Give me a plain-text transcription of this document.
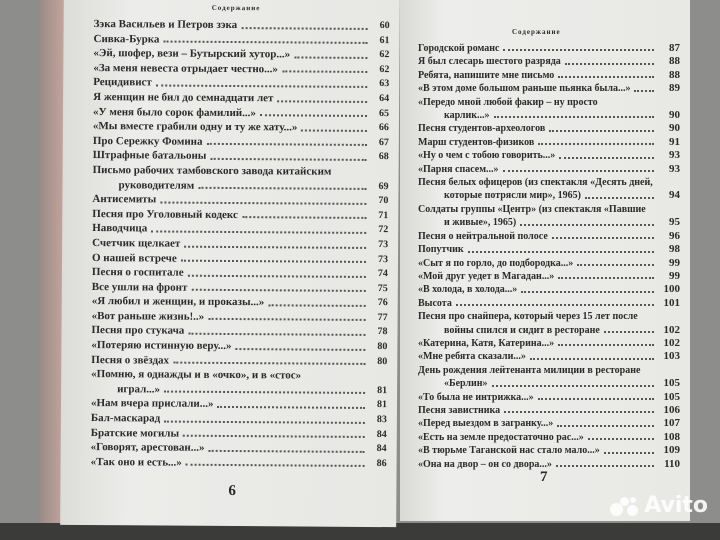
Содержание
Зэка Васильев и Петров зэка	60
Сивка-Бурка	61
«Эй, шофер, вези – Бутырский хутор...»	62
«За меня невеста отрыдает честно...»	62
Рецидивист	63
Я женщин не бил до семнадцати лет	64
«У меня было сорок фамилий...»	65
«Мы вместе грабили одну и ту же хату...»	66
Про Сережку Фомина	67
Штрафные батальоны	68
Письмо рабочих тамбовского завода китайским
руководителям	69
Антисемиты	70
Песня про Уголовный кодекс	71
Наводчица	72
Счетчик щелкает	73
О нашей встрече	73
Песня о госпитале	74
Все ушли на фронт	75
«Я любил и женщин, и проказы...»	76
«Вот раньше жизнь!..»	77
Песня про стукача	78
«Потеряю истинную веру...»	80
Песня о звёздах	80
«Помню, я однажды и в «очко», и в «стос»
играл...»	81
«Нам вчера прислали...»	81
Бал-маскарад	83
Братские могилы	84
«Говорят, арестован...»	84
«Так оно и есть...»	86
6
Содержание
Городской романс	87
Я был слесарь шестого разряда	88
Ребята, напишите мне письмо	88
«В этом доме большом раньше пьянка была...»	89
«Передо мной любой факир – ну просто
карлик...»	90
Песня студентов-археологов	90
Марш студентов-физиков	91
«Ну о чем с тобою говорить...»	93
«Парня спасем...»	93
Песня белых офицеров (из спектакля «Десять дней,
которые потрясли мир», 1965)	94
Солдаты группы «Центр» (из спектакля «Павшие
и живые», 1965)	95
Песня о нейтральной полосе	96
Попутчик	98
«Сыт я по горло, до подбородка...»	99
«Мой друг уедет в Магадан...»	99
«В холода, в холода...»	100
Высота	101
Песня про снайпера, который через 15 лет после
войны спился и сидит в ресторане	102
«Катерина, Катя, Катерина...»	102
«Мне ребята сказали...»	103
День рождения лейтенанта милиции в ресторане
«Берлин»	105
«То была не интрижка...»	105
Песня завистника	106
«Перед выездом в загранку...»	107
«Есть на земле предостаточно рас...»	108
«В тюрьме Таганской нас стало мало...»	109
«Она на двор – он со двора...»	110
7
Avito
